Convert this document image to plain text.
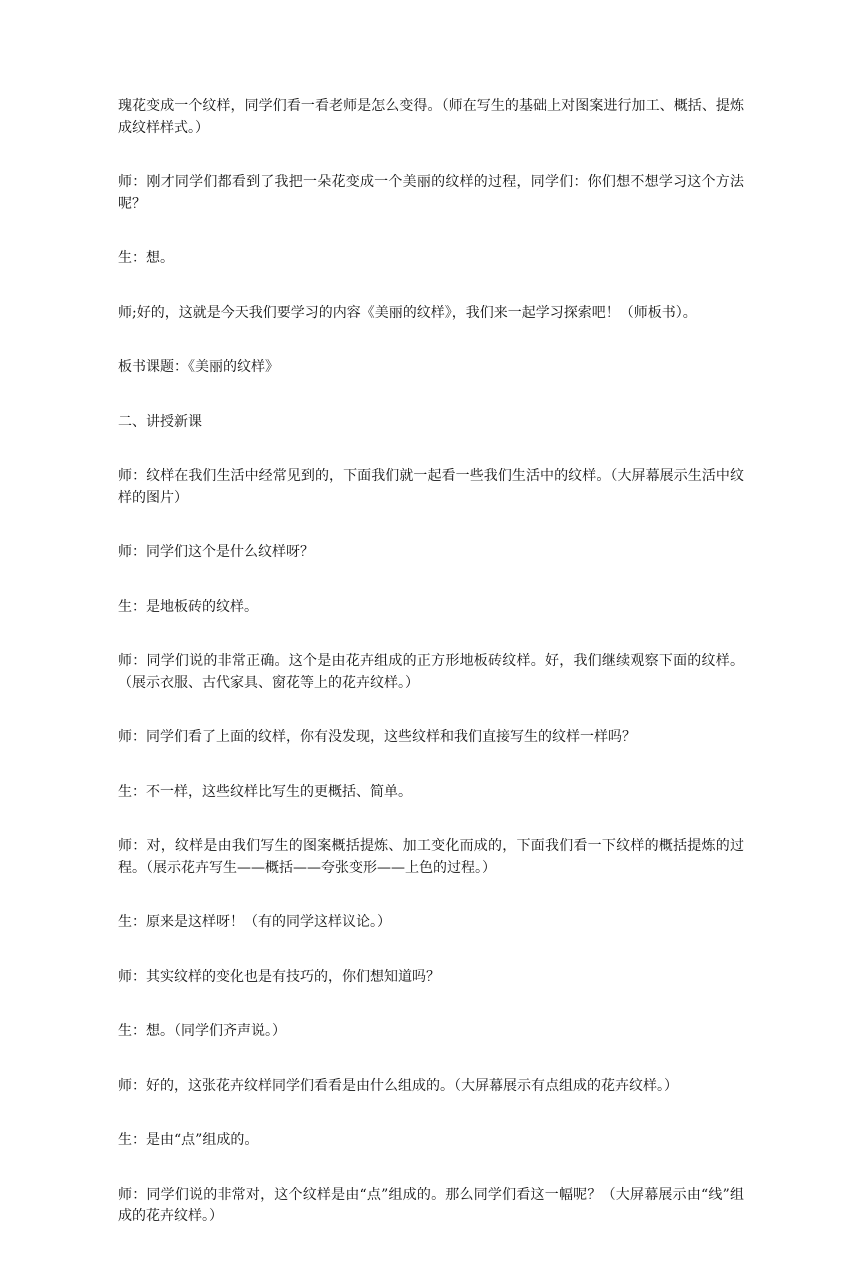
瑰花变成一个纹样，同学们看一看老师是怎么变得。（师在写生的基础上对图案进行加工、概括、提炼成纹样样式。）

师：刚才同学们都看到了我把一朵花变成一个美丽的纹样的过程，同学们：你们想不想学习这个方法呢？

生：想。

师;好的，这就是今天我们要学习的内容《美丽的纹样》，我们来一起学习探索吧！（师板书）。

板书课题：《美丽的纹样》

二、讲授新课

师：纹样在我们生活中经常见到的，下面我们就一起看一些我们生活中的纹样。（大屏幕展示生活中纹样的图片）

师：同学们这个是什么纹样呀？

生：是地板砖的纹样。

师：同学们说的非常正确。这个是由花卉组成的正方形地板砖纹样。好，我们继续观察下面的纹样。（展示衣服、古代家具、窗花等上的花卉纹样。）

师：同学们看了上面的纹样，你有没发现，这些纹样和我们直接写生的纹样一样吗？

生：不一样，这些纹样比写生的更概括、简单。

师：对，纹样是由我们写生的图案概括提炼、加工变化而成的，下面我们看一下纹样的概括提炼的过程。（展示花卉写生——概括——夸张变形——上色的过程。）

生：原来是这样呀！（有的同学这样议论。）

师：其实纹样的变化也是有技巧的，你们想知道吗？

生：想。（同学们齐声说。）

师：好的，这张花卉纹样同学们看看是由什么组成的。（大屏幕展示有点组成的花卉纹样。）

生：是由“点”组成的。

师：同学们说的非常对，这个纹样是由“点”组成的。那么同学们看这一幅呢？（大屏幕展示由“线”组成的花卉纹样。）
